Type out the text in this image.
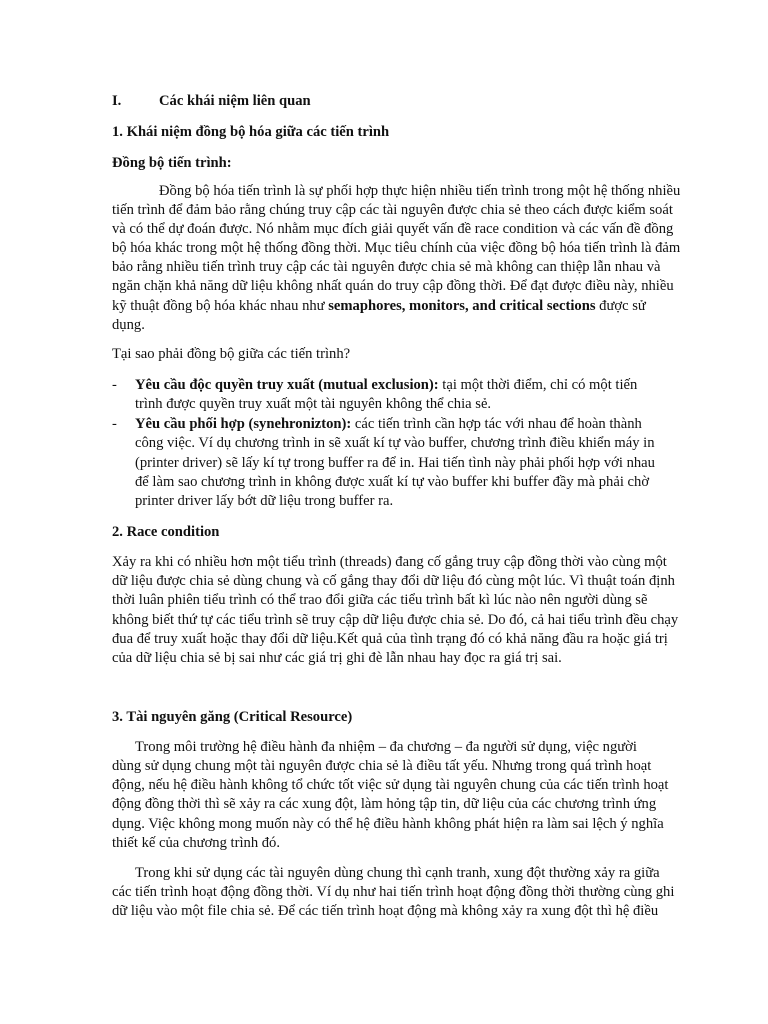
I.	Các khái niệm liên quan
1. Khái niệm đồng bộ hóa giữa các tiến trình
Đồng bộ tiến trình:
Đồng bộ hóa tiến trình là sự phối hợp thực hiện nhiều tiến trình trong một hệ thống nhiều
tiến trình để đảm bảo rằng chúng truy cập các tài nguyên được chia sẻ theo cách được kiểm soát
và có thể dự đoán được. Nó nhằm mục đích giải quyết vấn đề race condition và các vấn đề đồng
bộ hóa khác trong một hệ thống đồng thời. Mục tiêu chính của việc đồng bộ hóa tiến trình là đảm
bảo rằng nhiều tiến trình truy cập các tài nguyên được chia sẻ mà không can thiệp lẫn nhau và
ngăn chặn khả năng dữ liệu không nhất quán do truy cập đồng thời. Để đạt được điều này, nhiều
kỹ thuật đồng bộ hóa khác nhau như semaphores, monitors, and critical sections được sử
dụng.
Tại sao phải đồng bộ giữa các tiến trình?
- Yêu cầu độc quyền truy xuất (mutual exclusion): tại một thời điểm, chỉ có một tiến
trình được quyền truy xuất một tài nguyên không thể chia sẻ.
- Yêu cầu phối hợp (synehronizton): các tiến trình cần hợp tác với nhau để hoàn thành
công việc. Ví dụ chương trình in sẽ xuất kí tự vào buffer, chương trình điều khiển máy in
(printer driver) sẽ lấy kí tự trong buffer ra để in. Hai tiến tình này phải phối hợp với nhau
để làm sao chương trình in không được xuất kí tự vào buffer khi buffer đầy mà phải chờ
printer driver lấy bớt dữ liệu trong buffer ra.
2. Race condition
Xảy ra khi có nhiều hơn một tiểu trình (threads) đang cố gắng truy cập đồng thời vào cùng một
dữ liệu được chia sẻ dùng chung và cố gắng thay đổi dữ liệu đó cùng một lúc. Vì thuật toán định
thời luân phiên tiểu trình có thể trao đổi giữa các tiểu trình bất kì lúc nào nên người dùng sẽ
không biết thứ tự các tiểu trình sẽ truy cập dữ liệu được chia sẻ. Do đó, cả hai tiểu trình đều chạy
đua để truy xuất hoặc thay đổi dữ liệu.Kết quả của tình trạng đó có khả năng đầu ra hoặc giá trị
của dữ liệu chia sẻ bị sai như các giá trị ghi đè lẫn nhau hay đọc ra giá trị sai.
3. Tài nguyên găng (Critical Resource)
Trong môi trường hệ điều hành đa nhiệm – đa chương – đa người sử dụng, việc người
dùng sử dụng chung một tài nguyên được chia sẻ là điều tất yếu. Nhưng trong quá trình hoạt
động, nếu hệ điều hành không tổ chức tốt việc sử dụng tài nguyên chung của các tiến trình hoạt
động đồng thời thì sẽ xảy ra các xung đột, làm hỏng tập tin, dữ liệu của các chương trình ứng
dụng. Việc không mong muốn này có thể hệ điều hành không phát hiện ra làm sai lệch ý nghĩa
thiết kế của chương trình đó.
Trong khi sử dụng các tài nguyên dùng chung thì cạnh tranh, xung đột thường xảy ra giữa
các tiến trình hoạt động đồng thời. Ví dụ như hai tiến trình hoạt động đồng thời thường cùng ghi
dữ liệu vào một file chia sẻ. Để các tiến trình hoạt động mà không xảy ra xung đột thì hệ điều
